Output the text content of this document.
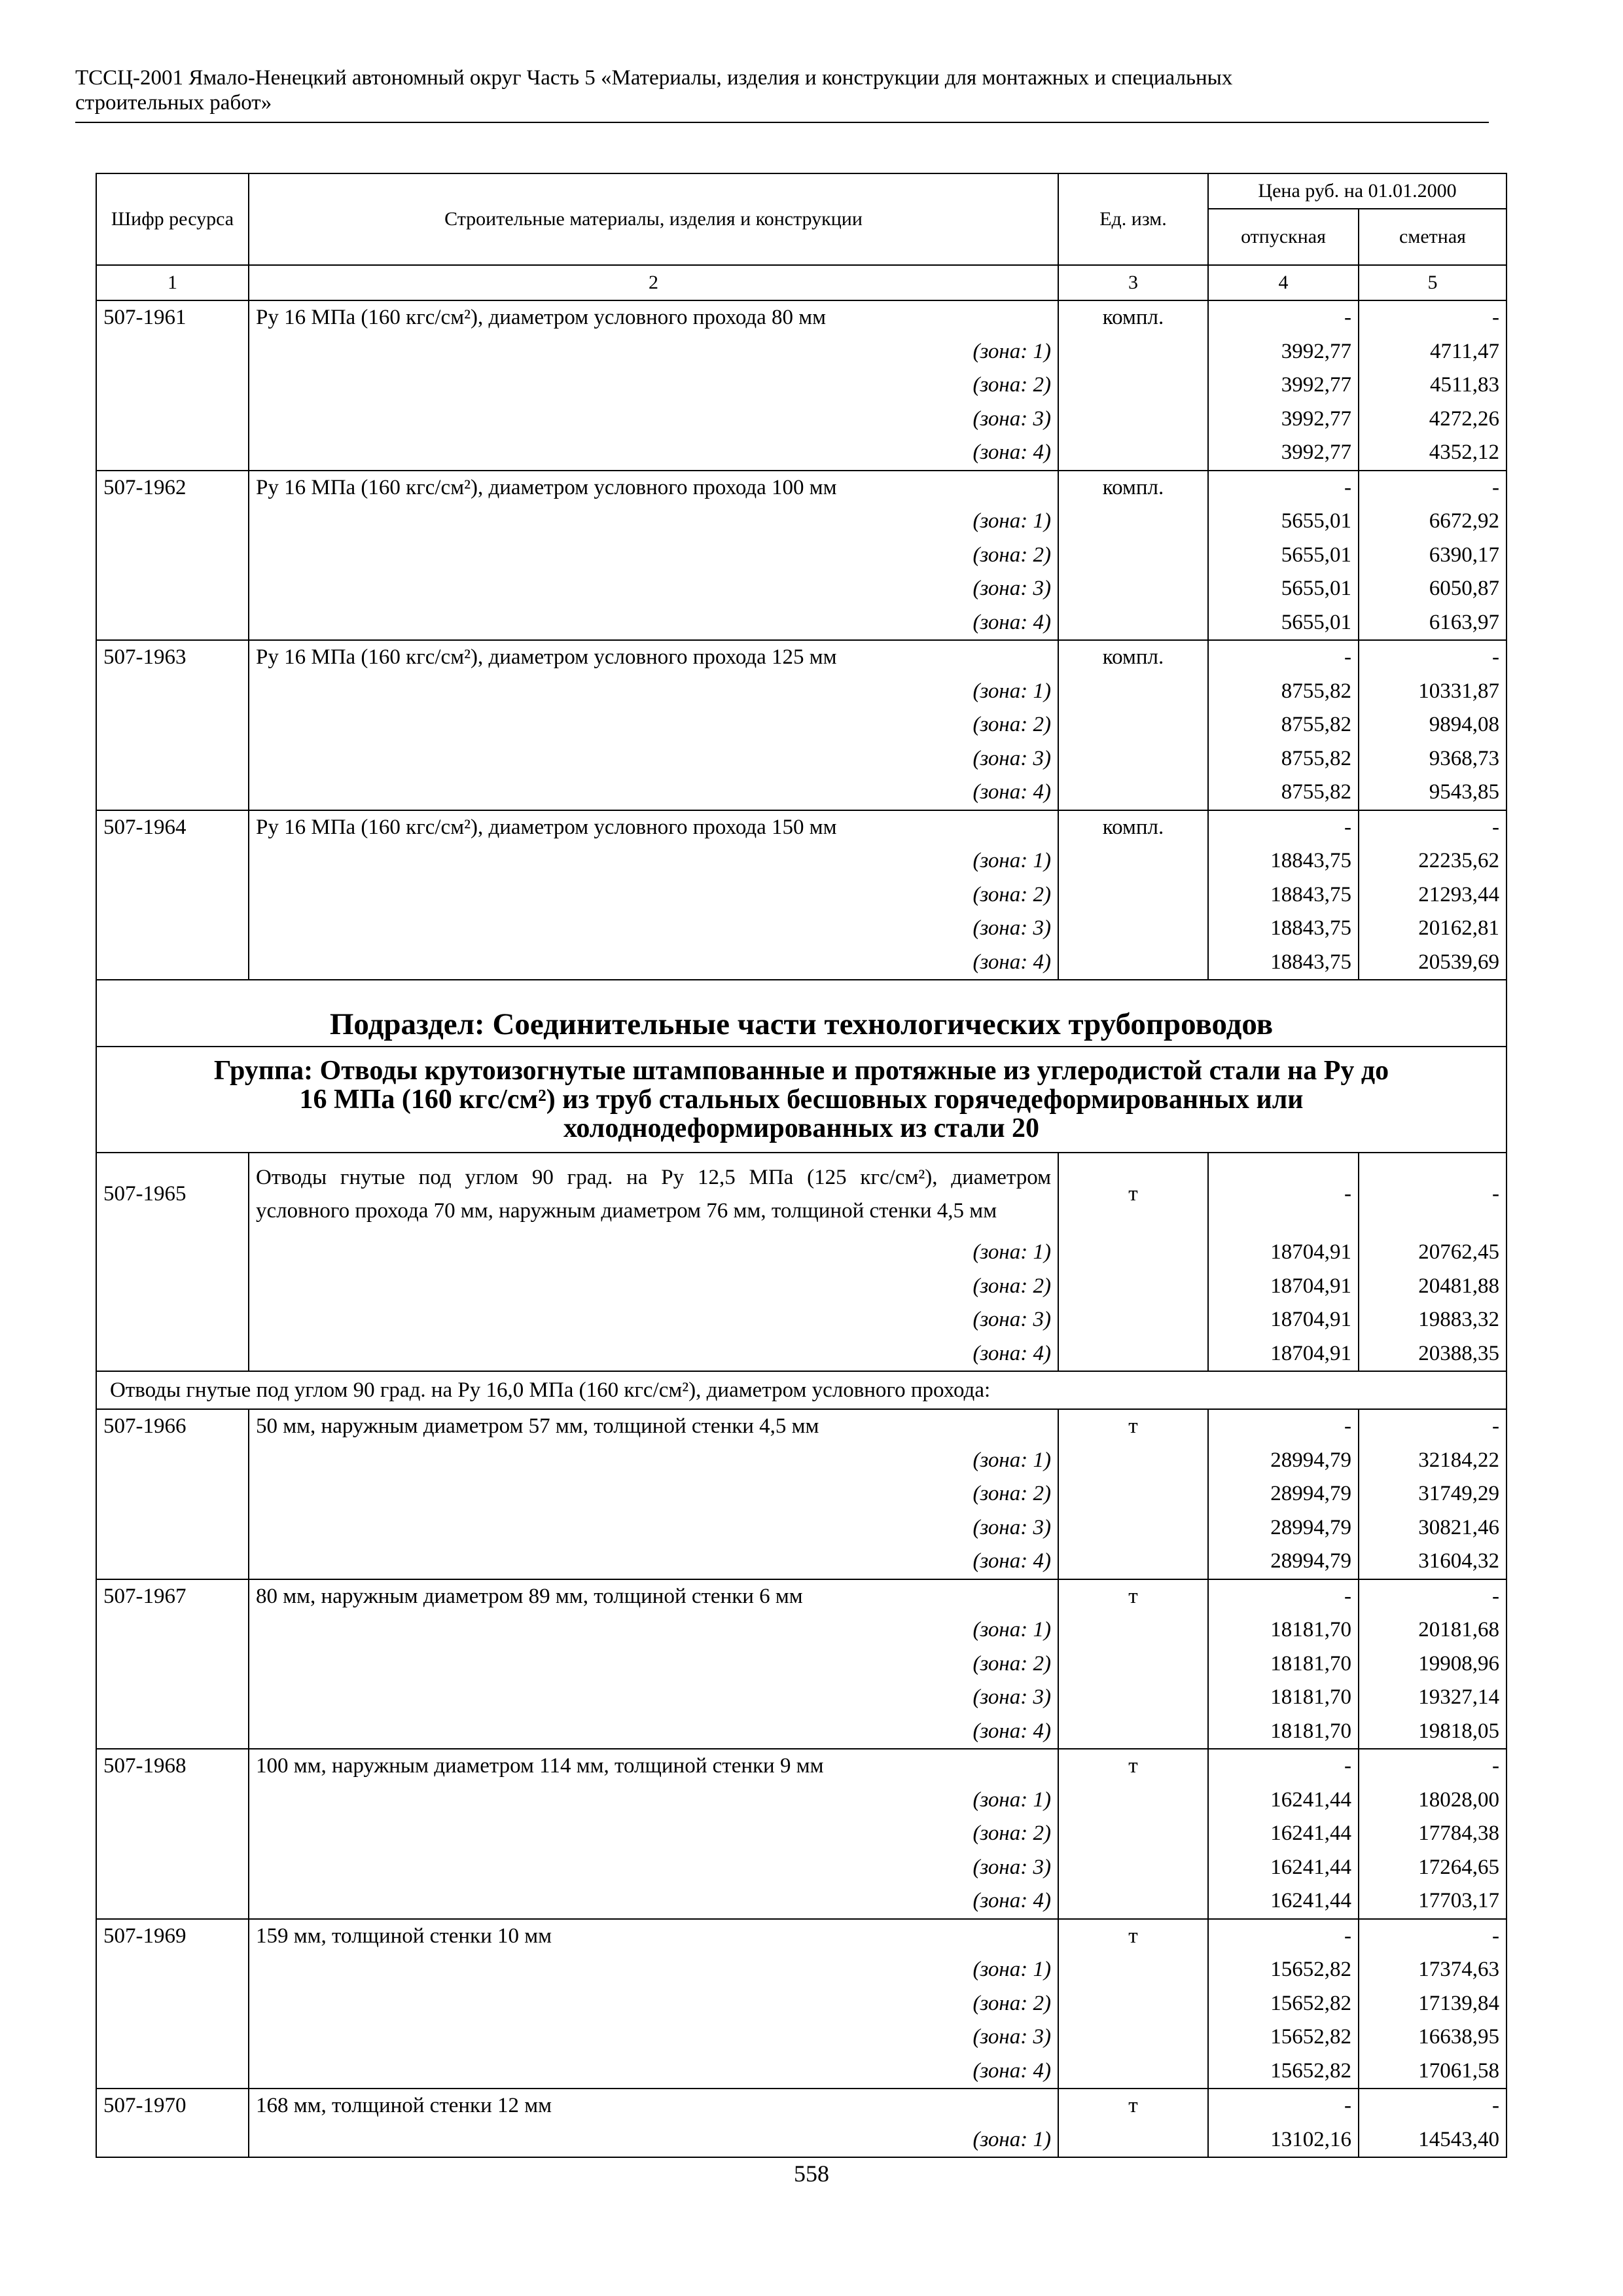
ТССЦ-2001 Ямало-Ненецкий автономный округ Часть 5 «Материалы, изделия и конструкции для монтажных и специальных
строительных работ»
Шифр ресурса	Строительные материалы, изделия и конструкции	Ед. изм.	Цена руб. на 01.01.2000	
			отпускная	сметная
1	2	3	4	5
507-1961	Ру 16 МПа (160 кгс/см²), диаметром условного прохода 80 мм	компл.	-	-
	(зона: 1)		3992,77	4711,47
	(зона: 2)		3992,77	4511,83
	(зона: 3)		3992,77	4272,26
	(зона: 4)		3992,77	4352,12
507-1962	Ру 16 МПа (160 кгс/см²), диаметром условного прохода 100 мм	компл.	-	-
	(зона: 1)		5655,01	6672,92
	(зона: 2)		5655,01	6390,17
	(зона: 3)		5655,01	6050,87
	(зона: 4)		5655,01	6163,97
507-1963	Ру 16 МПа (160 кгс/см²), диаметром условного прохода 125 мм	компл.	-	-
	(зона: 1)		8755,82	10331,87
	(зона: 2)		8755,82	9894,08
	(зона: 3)		8755,82	9368,73
	(зона: 4)		8755,82	9543,85
507-1964	Ру 16 МПа (160 кгс/см²), диаметром условного прохода 150 мм	компл.	-	-
	(зона: 1)		18843,75	22235,62
	(зона: 2)		18843,75	21293,44
	(зона: 3)		18843,75	20162,81
	(зона: 4)		18843,75	20539,69
Подраздел: Соединительные части технологических трубопроводов				

Группа: Отводы крутоизогнутые штампованные и протяжные из углеродистой стали на Ру до
16 МПа (160 кгс/см²) из труб стальных бесшовных горячедеформированных или
холоднодеформированных из стали 20				

507-1965	Отводы гнутые под углом 90 град. на Ру 12,5 МПа (125 кгс/см²), диаметром условного прохода 70 мм, наружным диаметром 76 мм, толщиной стенки 4,5 мм	т	-	-
	(зона: 1)		18704,91	20762,45
	(зона: 2)		18704,91	20481,88
	(зона: 3)		18704,91	19883,32
	(зона: 4)		18704,91	20388,35
Отводы гнутые под углом 90 град. на Ру 16,0 МПа (160 кгс/см²), диаметром условного прохода:				
507-1966	50 мм, наружным диаметром 57 мм, толщиной стенки 4,5 мм	т	-	-
	(зона: 1)		28994,79	32184,22
	(зона: 2)		28994,79	31749,29
	(зона: 3)		28994,79	30821,46
	(зона: 4)		28994,79	31604,32
507-1967	80 мм, наружным диаметром 89 мм, толщиной стенки 6 мм	т	-	-
	(зона: 1)		18181,70	20181,68
	(зона: 2)		18181,70	19908,96
	(зона: 3)		18181,70	19327,14
	(зона: 4)		18181,70	19818,05
507-1968	100 мм, наружным диаметром 114 мм, толщиной стенки 9 мм	т	-	-
	(зона: 1)		16241,44	18028,00
	(зона: 2)		16241,44	17784,38
	(зона: 3)		16241,44	17264,65
	(зона: 4)		16241,44	17703,17
507-1969	159 мм, толщиной стенки 10 мм	т	-	-
	(зона: 1)		15652,82	17374,63
	(зона: 2)		15652,82	17139,84
	(зона: 3)		15652,82	16638,95
	(зона: 4)		15652,82	17061,58
507-1970	168 мм, толщиной стенки 12 мм	т	-	-
	(зона: 1)		13102,16	14543,40
558
